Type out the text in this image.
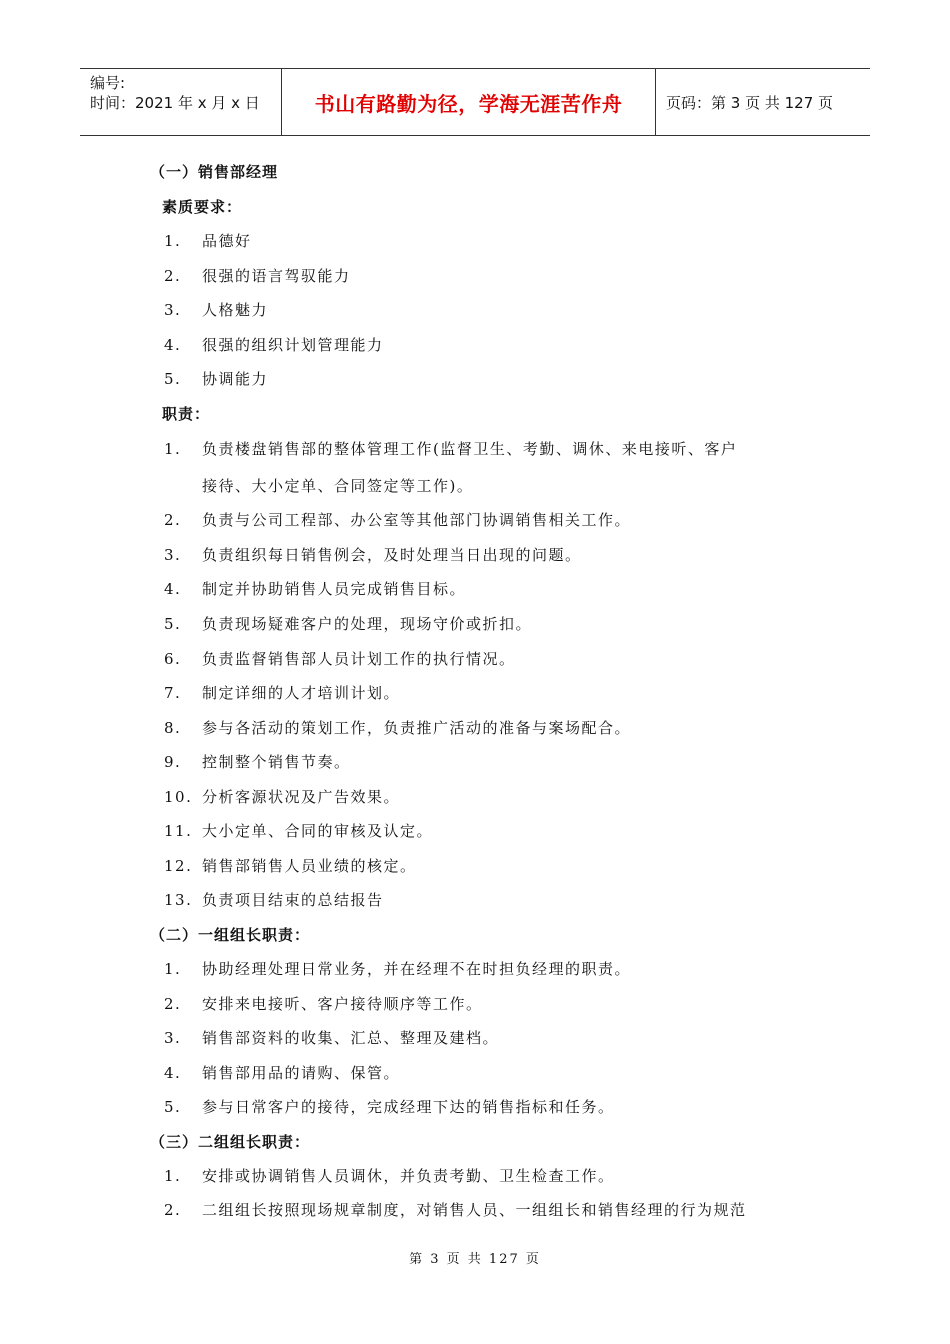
编号:
时间：2021 年 x 月 x 日	书山有路勤为径，学海无涯苦作舟	页码：第 3 页 共 127 页
（一）销售部经理
素质要求：
1. 品德好
2. 很强的语言驾驭能力
3. 人格魅力
4. 很强的组织计划管理能力
5. 协调能力
职责：
1. 负责楼盘销售部的整体管理工作(监督卫生、考勤、调休、来电接听、客户
接待、大小定单、合同签定等工作)。
2. 负责与公司工程部、办公室等其他部门协调销售相关工作。
3. 负责组织每日销售例会，及时处理当日出现的问题。
4. 制定并协助销售人员完成销售目标。
5. 负责现场疑难客户的处理，现场守价或折扣。
6. 负责监督销售部人员计划工作的执行情况。
7. 制定详细的人才培训计划。
8. 参与各活动的策划工作，负责推广活动的准备与案场配合。
9. 控制整个销售节奏。
10. 分析客源状况及广告效果。
11. 大小定单、合同的审核及认定。
12. 销售部销售人员业绩的核定。
13. 负责项目结束的总结报告
（二）一组组长职责：
1. 协助经理处理日常业务，并在经理不在时担负经理的职责。
2. 安排来电接听、客户接待顺序等工作。
3. 销售部资料的收集、汇总、整理及建档。
4. 销售部用品的请购、保管。
5. 参与日常客户的接待，完成经理下达的销售指标和任务。
（三）二组组长职责：
1. 安排或协调销售人员调休，并负责考勤、卫生检查工作。
2. 二组组长按照现场规章制度，对销售人员、一组组长和销售经理的行为规范
第 3 页 共 127 页
